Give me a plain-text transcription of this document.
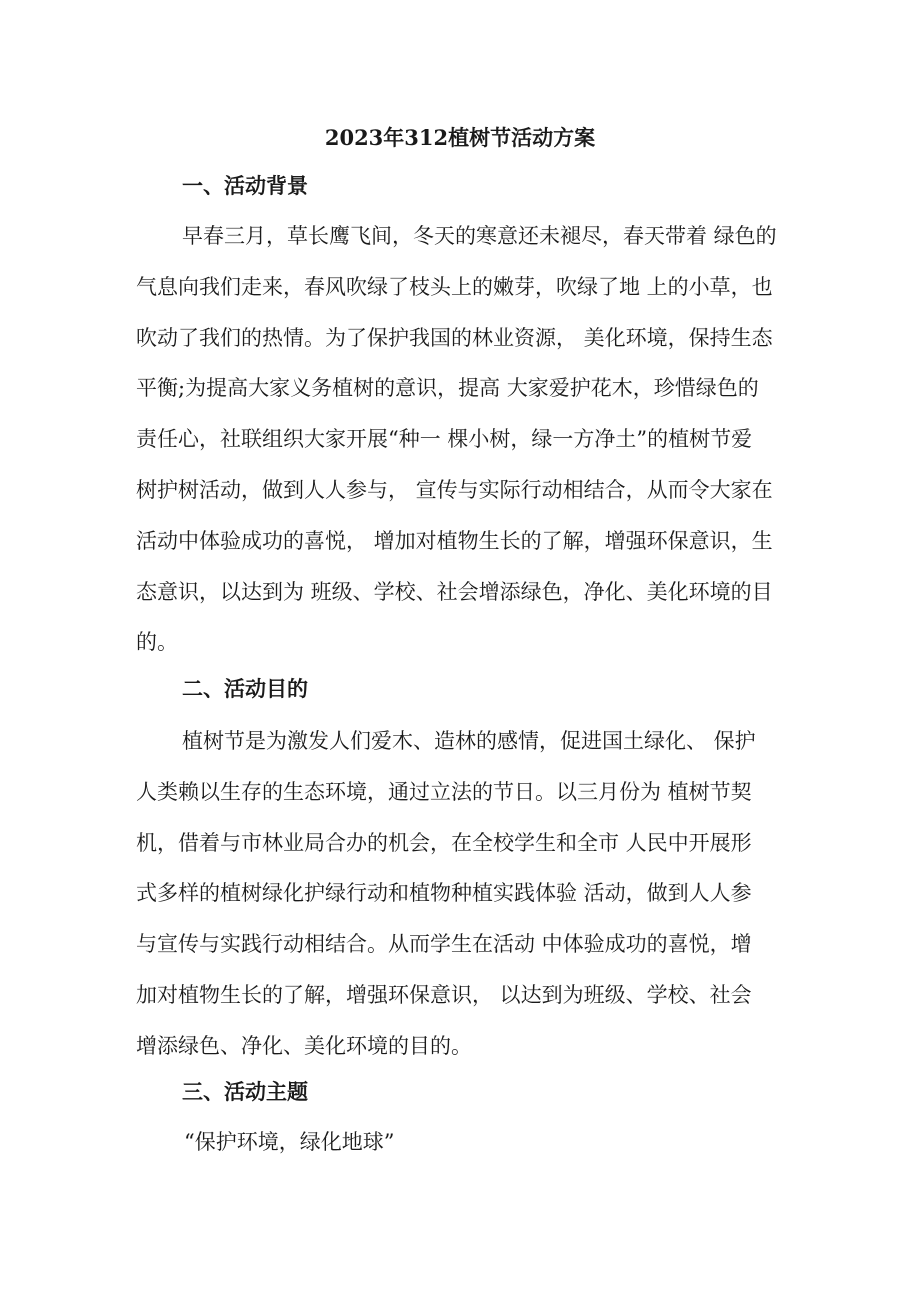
2023年312植树节活动方案
一、活动背景
早春三月，草长鹰飞间，冬天的寒意还未褪尽，春天带着 绿色的
气息向我们走来，春风吹绿了枝头上的嫩芽，吹绿了地 上的小草，也
吹动了我们的热情。为了保护我国的林业资源， 美化环境，保持生态
平衡;为提高大家义务植树的意识，提高 大家爱护花木，珍惜绿色的
责任心，社联组织大家开展“种一 棵小树，绿一方净土”的植树节爱
树护树活动，做到人人参与， 宣传与实际行动相结合，从而令大家在
活动中体验成功的喜悦， 增加对植物生长的了解，增强环保意识，生
态意识，以达到为 班级、学校、社会增添绿色，净化、美化环境的目
的。
二、活动目的
植树节是为激发人们爱木、造林的感情，促进国土绿化、 保护
人类赖以生存的生态环境，通过立法的节日。以三月份为 植树节契
机，借着与市林业局合办的机会，在全校学生和全市 人民中开展形
式多样的植树绿化护绿行动和植物种植实践体验 活动，做到人人参
与宣传与实践行动相结合。从而学生在活动 中体验成功的喜悦，增
加对植物生长的了解，增强环保意识， 以达到为班级、学校、社会
增添绿色、净化、美化环境的目的。
三、活动主题
“保护环境，绿化地球”
